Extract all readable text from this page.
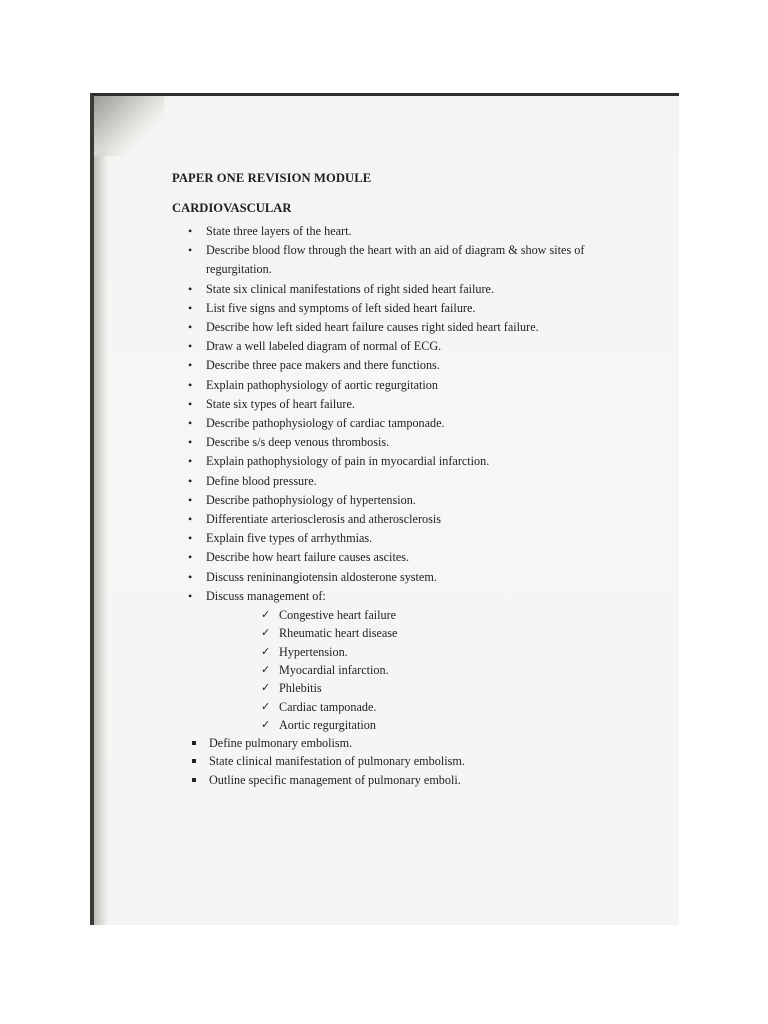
PAPER ONE REVISION MODULE
CARDIOVASCULAR
• State three layers of the heart.
• Describe blood flow through the heart with an aid of diagram & show sites of regurgitation.
• State six clinical manifestations of right sided heart failure.
• List five signs and symptoms of left sided heart failure.
• Describe how left sided heart failure causes right sided heart failure.
• Draw a well labeled diagram of normal of ECG.
• Describe three pace makers and there functions.
• Explain pathophysiology of aortic regurgitation
• State six types of heart failure.
• Describe pathophysiology of cardiac tamponade.
• Describe s/s deep venous thrombosis.
• Explain pathophysiology of pain in myocardial infarction.
• Define blood pressure.
• Describe pathophysiology of hypertension.
• Differentiate arteriosclerosis and atherosclerosis
• Explain five types of arrhythmias.
• Describe how heart failure causes ascites.
• Discuss renininangiotensin aldosterone system.
• Discuss management of:
✓ Congestive heart failure
✓ Rheumatic heart disease
✓ Hypertension.
✓ Myocardial infarction.
✓ Phlebitis
✓ Cardiac tamponade.
✓ Aortic regurgitation
Define pulmonary embolism.
State clinical manifestation of pulmonary embolism.
Outline specific management of pulmonary emboli.
